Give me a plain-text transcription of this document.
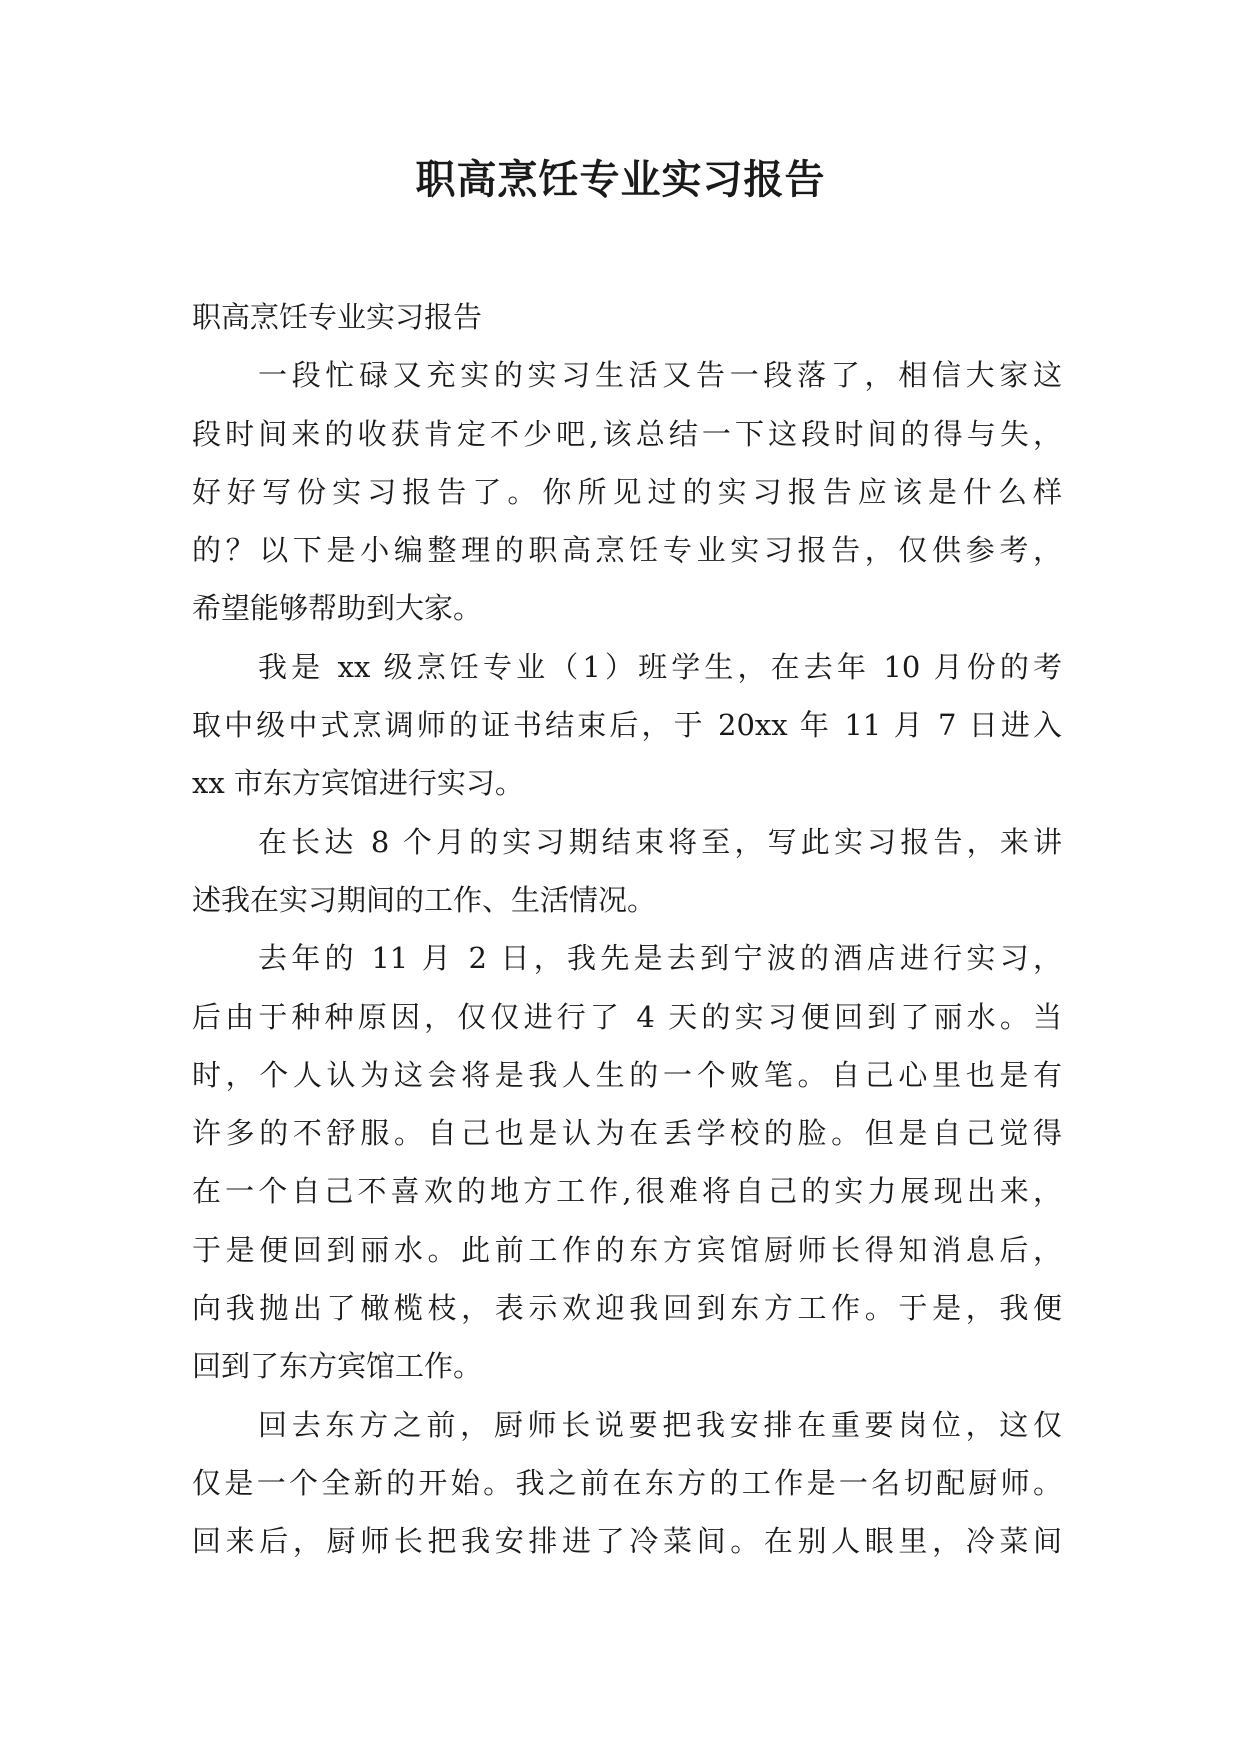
职高烹饪专业实习报告
职高烹饪专业实习报告
一段忙碌又充实的实习生活又告一段落了，相信大家这
段时间来的收获肯定不少吧,该总结一下这段时间的得与失，
好好写份实习报告了。你所见过的实习报告应该是什么样
的？以下是小编整理的职高烹饪专业实习报告，仅供参考，
希望能够帮助到大家。
我是 xx 级烹饪专业（1）班学生，在去年 10 月份的考
取中级中式烹调师的证书结束后，于 20xx 年 11 月 7 日进入
xx 市东方宾馆进行实习。
在长达 8 个月的实习期结束将至，写此实习报告，来讲
述我在实习期间的工作、生活情况。
去年的 11 月 2 日，我先是去到宁波的酒店进行实习，
后由于种种原因，仅仅进行了 4 天的实习便回到了丽水。当
时，个人认为这会将是我人生的一个败笔。自己心里也是有
许多的不舒服。自己也是认为在丢学校的脸。但是自己觉得
在一个自己不喜欢的地方工作,很难将自己的实力展现出来，
于是便回到丽水。此前工作的东方宾馆厨师长得知消息后，
向我抛出了橄榄枝，表示欢迎我回到东方工作。于是，我便
回到了东方宾馆工作。
回去东方之前，厨师长说要把我安排在重要岗位，这仅
仅是一个全新的开始。我之前在东方的工作是一名切配厨师。
回来后，厨师长把我安排进了冷菜间。在别人眼里，冷菜间
